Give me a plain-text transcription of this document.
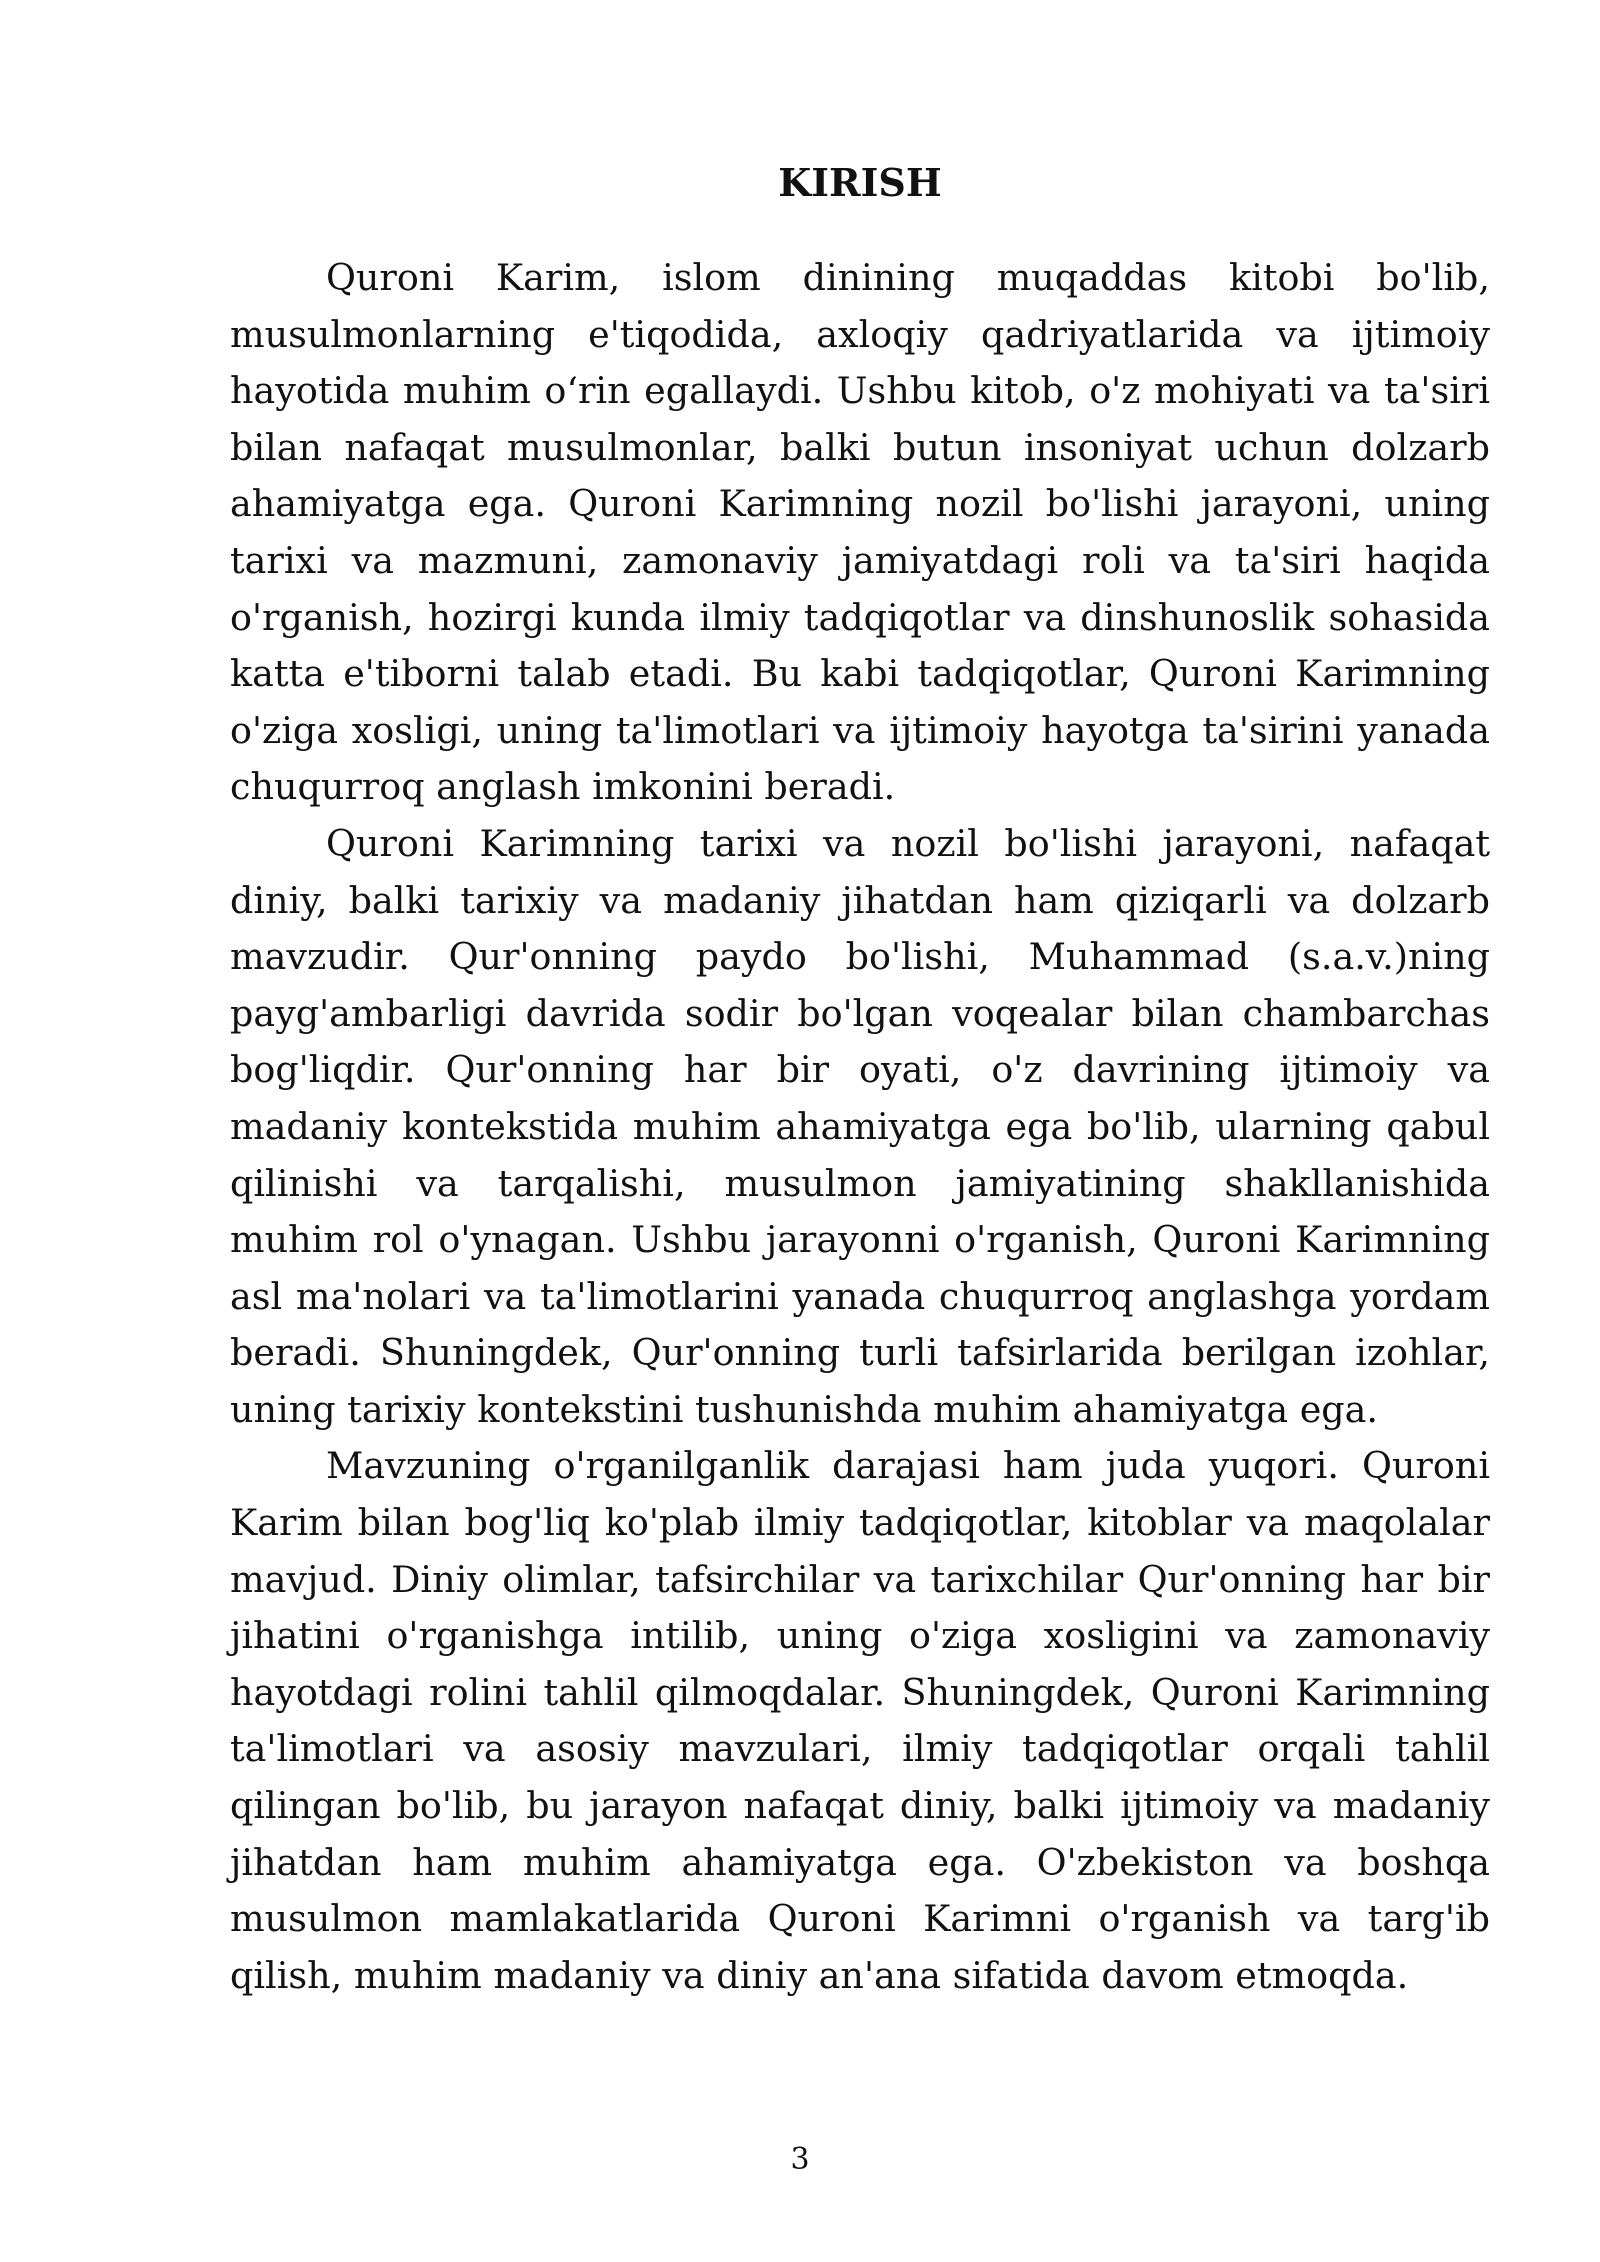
KIRISH

Quroni Karim, islom dinining muqaddas kitobi bo'lib, musulmonlarning e'tiqodida, axloqiy qadriyatlarida va ijtimoiy hayotida muhim o‘rin egallaydi. Ushbu kitob, o'z mohiyati va ta'siri bilan nafaqat musulmonlar, balki butun insoniyat uchun dolzarb ahamiyatga ega. Quroni Karimning nozil bo'lishi jarayoni, uning tarixi va mazmuni, zamonaviy jamiyatdagi roli va ta'siri haqida o'rganish, hozirgi kunda ilmiy tadqiqotlar va dinshunoslik sohasida katta e'tiborni talab etadi. Bu kabi tadqiqotlar, Quroni Karimning o'ziga xosligi, uning ta'limotlari va ijtimoiy hayotga ta'sirini yanada chuqurroq anglash imkonini beradi.

Quroni Karimning tarixi va nozil bo'lishi jarayoni, nafaqat diniy, balki tarixiy va madaniy jihatdan ham qiziqarli va dolzarb mavzudir. Qur'onning paydo bo'lishi, Muhammad (s.a.v.)ning payg'ambarligi davrida sodir bo'lgan voqealar bilan chambarchas bog'liqdir. Qur'onning har bir oyati, o'z davrining ijtimoiy va madaniy kontekstida muhim ahamiyatga ega bo'lib, ularning qabul qilinishi va tarqalishi, musulmon jamiyatining shakllanishida muhim rol o'ynagan. Ushbu jarayonni o'rganish, Quroni Karimning asl ma'nolari va ta'limotlarini yanada chuqurroq anglashga yordam beradi. Shuningdek, Qur'onning turli tafsirlarida berilgan izohlar, uning tarixiy kontekstini tushunishda muhim ahamiyatga ega.

Mavzuning o'rganilganlik darajasi ham juda yuqori. Quroni Karim bilan bog'liq ko'plab ilmiy tadqiqotlar, kitoblar va maqolalar mavjud. Diniy olimlar, tafsirchilar va tarixchilar Qur'onning har bir jihatini o'rganishga intilib, uning o'ziga xosligini va zamonaviy hayotdagi rolini tahlil qilmoqdalar. Shuningdek, Quroni Karimning ta'limotlari va asosiy mavzulari, ilmiy tadqiqotlar orqali tahlil qilingan bo'lib, bu jarayon nafaqat diniy, balki ijtimoiy va madaniy jihatdan ham muhim ahamiyatga ega. O'zbekiston va boshqa musulmon mamlakatlarida Quroni Karimni o'rganish va targ'ib qilish, muhim madaniy va diniy an'ana sifatida davom etmoqda.

3
